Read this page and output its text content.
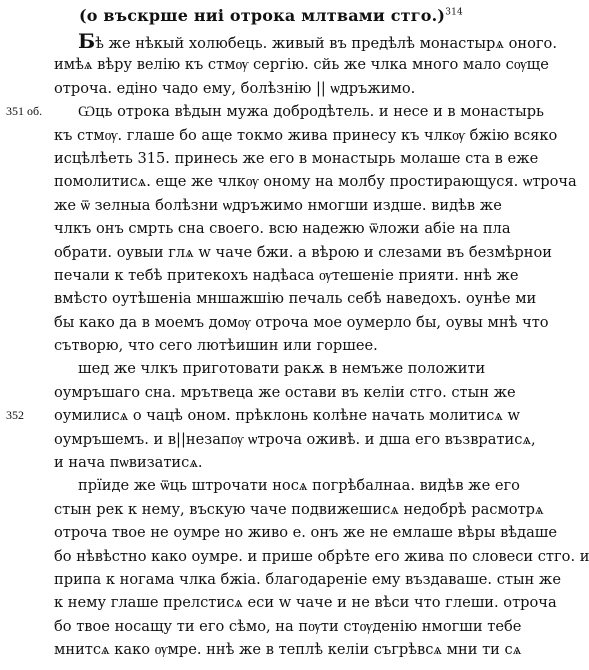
(о въскрше ниі отрока млтвами стго.)$^{314}$
351 об.
352
Бѣ же нѣкый холюбець. живый въ предѣлѣ монастырѧ оного.
имѣѧ вѣру велію къ стмѹ сергію. сйь же члка много мало сѹще
отроча. едіно чадо ему, болѣзнію || ѡдръжимо.
Ѡць отрока вѣдын мужа добродѣтель. и несе и в монастырь
къ стмѹ. глаше бо аще токмо жива принесу къ члкѹ бжію всяко
исцѣлѣеть 315. принесь же его в монастырь молаше ста в еже
помолитисѧ. еще же члкѹ оному на молбу простирающуся. ѡтроча
же ѿ зелныа болѣзни ѡдръжимо нмогши издше. видѣв же
члкъ онъ смрть сна своего. всю надежю ѿложи абіе на пла
обрати. оувыи глѧ w чаче бжи. а вѣрою и слезами въ безмѣрнои
печали к тебѣ притекохъ надѣаса ѹтешеніе прияти. ннѣ же
вмѣсто оутѣшеніа мншажшію печаль себѣ наведохъ. оунѣе ми
бы како да в моемъ домѹ отроча мое оумерло бы, оувы мнѣ что
сътворю, что сего лютѣишин или горшее.
шед же члкъ приготовати ракѫ в немъже положити
оумръшаго сна. мрътвеца же остави въ келіи стго. стын же
оумилисѧ о чацѣ оном. прѣклонь колѣне начать молитисѧ w
оумръшемъ. и в||незапѹ ѡтроча оживѣ. и дша его възвратисѧ,
и нача пѡвизатисѧ.
прїиде же ѿць штрочати носѧ погрѣбалнаа. видѣв же его
стын рек к нему, въскую чаче подвижешисѧ недобрѣ расмотрѧ
отроча твое не оумре но живо е. онъ же не емлаше вѣры вѣдаше
бо нѣвѣстно како оумре. и прише обрѣте его жива по словеси стго. и
припа к ногама члка бжіа. благодареніе ему въздаваше. стын же
к нему глаше прелстисѧ еси w чаче и не вѣси что глеши. отроча
бо твое носащу ти его сѣмо, на пѹти стѹденію нмогши тебе
мнитсѧ како ѹмре. ннѣ же в теплѣ келіи съгрѣвсѧ мни ти сѧ
